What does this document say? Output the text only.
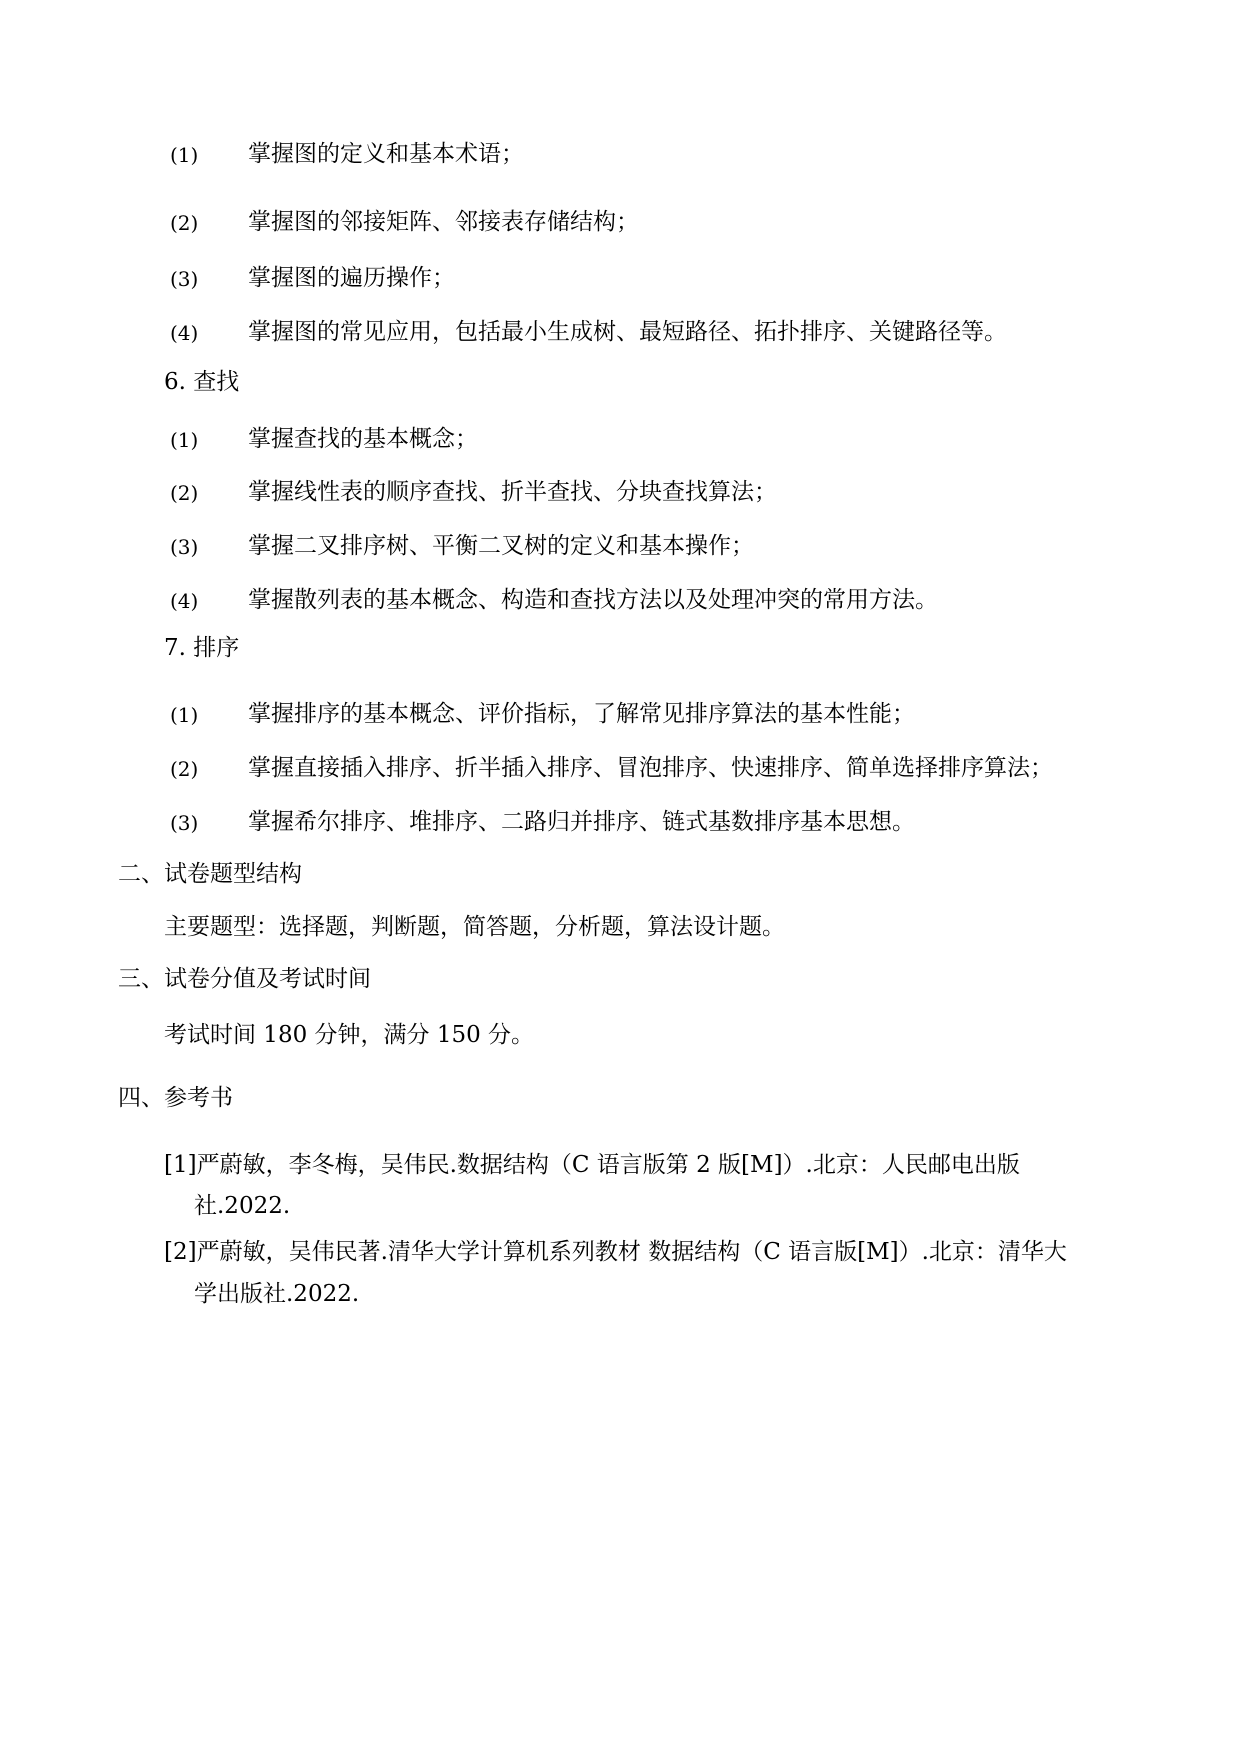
(1) 掌握图的定义和基本术语；
(2) 掌握图的邻接矩阵、邻接表存储结构；
(3) 掌握图的遍历操作；
(4) 掌握图的常见应用，包括最小生成树、最短路径、拓扑排序、关键路径等。
6. 查找
(1) 掌握查找的基本概念；
(2) 掌握线性表的顺序查找、折半查找、分块查找算法；
(3) 掌握二叉排序树、平衡二叉树的定义和基本操作；
(4) 掌握散列表的基本概念、构造和查找方法以及处理冲突的常用方法。
7. 排序
(1) 掌握排序的基本概念、评价指标，了解常见排序算法的基本性能；
(2) 掌握直接插入排序、折半插入排序、冒泡排序、快速排序、简单选择排序算法；
(3) 掌握希尔排序、堆排序、二路归并排序、链式基数排序基本思想。
二、试卷题型结构
主要题型：选择题，判断题，简答题，分析题，算法设计题。
三、试卷分值及考试时间
考试时间 180 分钟，满分 150 分。
四、参考书
[1]严蔚敏，李冬梅，吴伟民.数据结构（C 语言版第 2 版[M]）.北京：人民邮电出版
社.2022.
[2]严蔚敏，吴伟民著.清华大学计算机系列教材 数据结构（C 语言版[M]）.北京：清华大
学出版社.2022.
